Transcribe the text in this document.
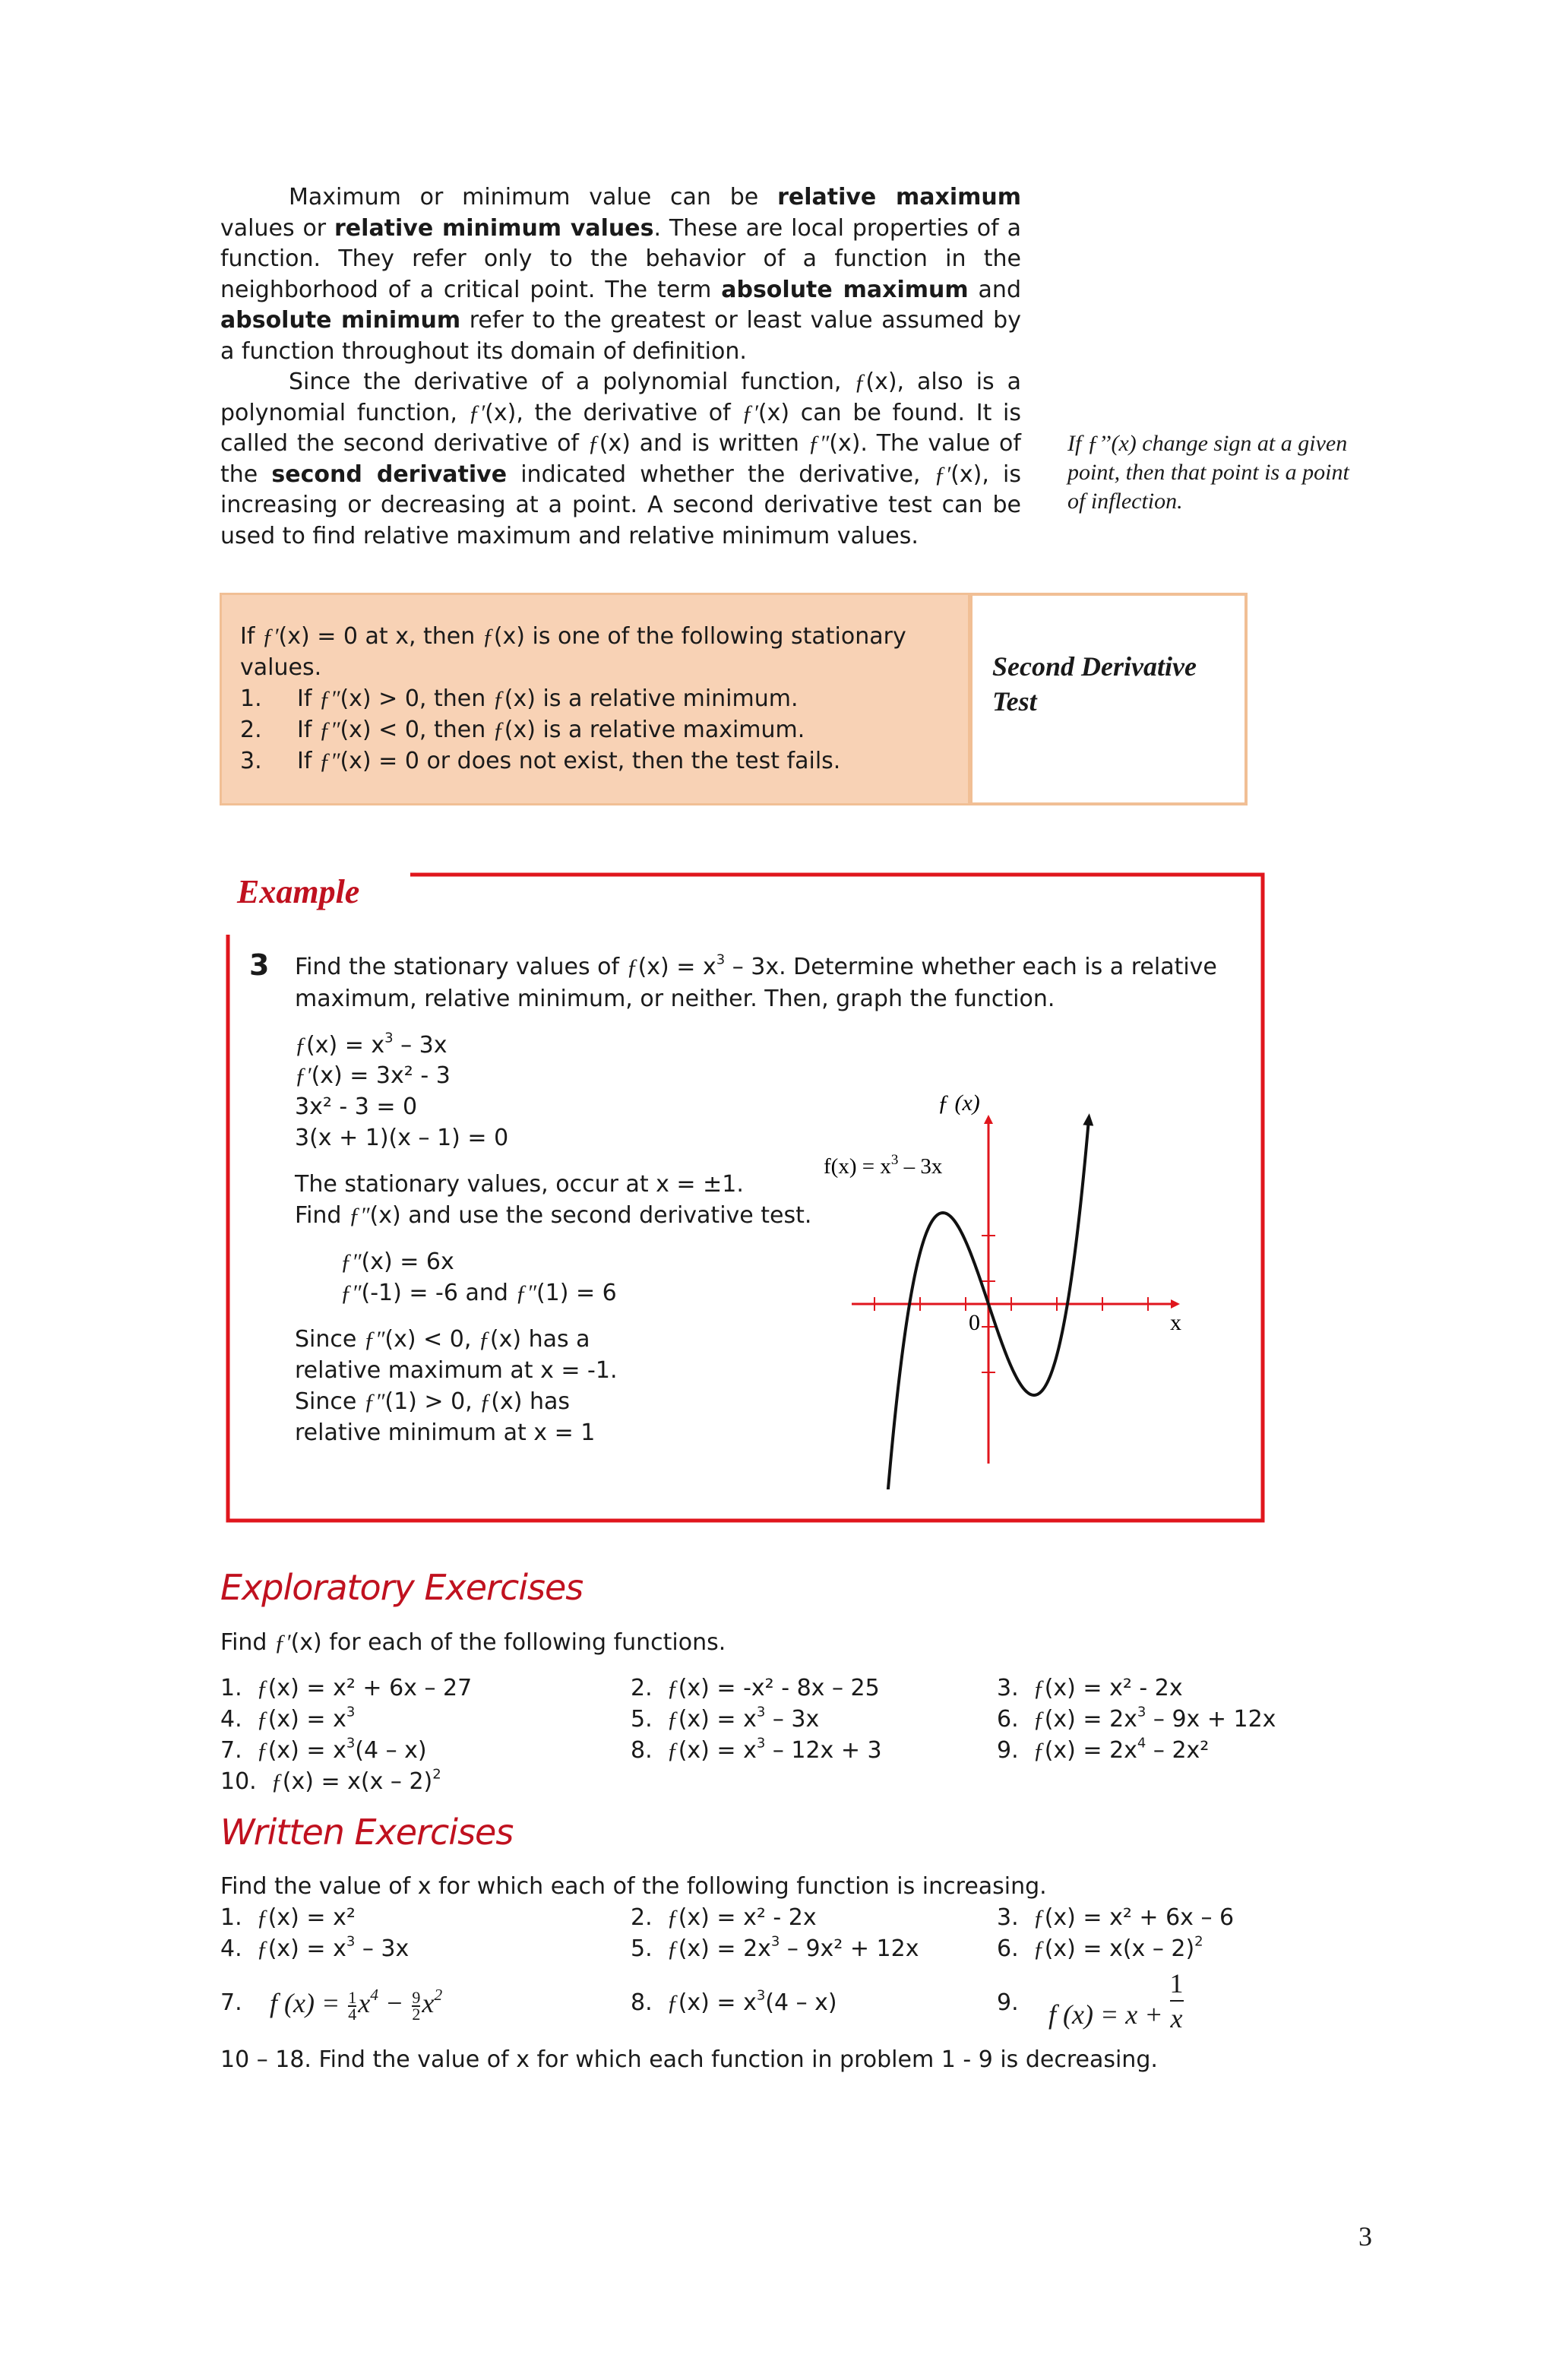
Maximum or minimum value can be relative maximum values or relative minimum values. These are local properties of a function. They refer only to the behavior of a function in the neighborhood of a critical point. The term absolute maximum and absolute minimum refer to the greatest or least value assumed by a function throughout its domain of definition.

Since the derivative of a polynomial function, ƒ(x), also is a polynomial function, ƒ′(x), the derivative of ƒ′(x) can be found. It is called the second derivative of ƒ(x) and is written ƒ″(x). The value of the second derivative indicated whether the derivative, ƒ′(x), is increasing or decreasing at a point. A second derivative test can be used to find relative maximum and relative minimum values.

If ƒ’’(x) change sign at a given point, then that point is a point of inflection.
If ƒ′(x) = 0 at x, then ƒ(x) is one of the following stationary values.
1. If ƒ″(x) > 0, then ƒ(x) is a relative minimum.
2. If ƒ″(x) < 0, then ƒ(x) is a relative maximum.
3. If ƒ″(x) = 0 or does not exist, then the test fails.
Second Derivative Test
Example
3 Find the stationary values of ƒ(x) = $x^3 - 3x$. Determine whether each is a relative maximum, relative minimum, or neither. Then, graph the function.
ƒ(x) = $x^3 - 3x$
ƒ′(x) = 3x² - 3
3x² - 3 = 0
3(x + 1)(x – 1) = 0
The stationary values, occur at x = ±1.
Find ƒ″(x) and use the second derivative test.
ƒ″(x) = 6x
ƒ″(-1) = -6 and ƒ″(1) = 6
Since ƒ″(x) < 0, ƒ(x) has a
relative maximum at x = -1.
Since ƒ″(1) > 0, ƒ(x) has
relative minimum at x = 1
ƒ (x)
$f(x) = x^3 - 3x$
0	x
Exploratory Exercises
Find ƒ′(x) for each of the following functions.
1. ƒ(x) = x² + 6x – 27	2. ƒ(x) = -x² - 8x – 25	3. ƒ(x) = x² - 2x
4. ƒ(x) = $x^3$	5. ƒ(x) = $x^3 - 3x$	6. ƒ(x) = $2x^3 - 9x + 12x$
7. ƒ(x) = $x^3(4 - x)$	8. ƒ(x) = $x^3 - 12x + 3$	9. ƒ(x) = $2x^4 - 2x^2$
10. ƒ(x) = x(x – 2)$^2$
Written Exercises
Find the value of x for which each of the following function is increasing.
1. ƒ(x) = x²	2. ƒ(x) = x² - 2x	3. ƒ(x) = x² + 6x – 6
4. ƒ(x) = $x^3 - 3x$	5. ƒ(x) = $2x^3 - 9x^2 + 12x$	6. ƒ(x) = x(x – 2)$^2$
7. f $(x) = \frac{1}{4} x^4 - \frac{9}{2} x^2$	8. ƒ(x) = $x^3(4 - x)$	9. f $(x) = x + \frac{1}{x}$
10 – 18. Find the value of x for which each function in problem 1 - 9 is decreasing.
3
